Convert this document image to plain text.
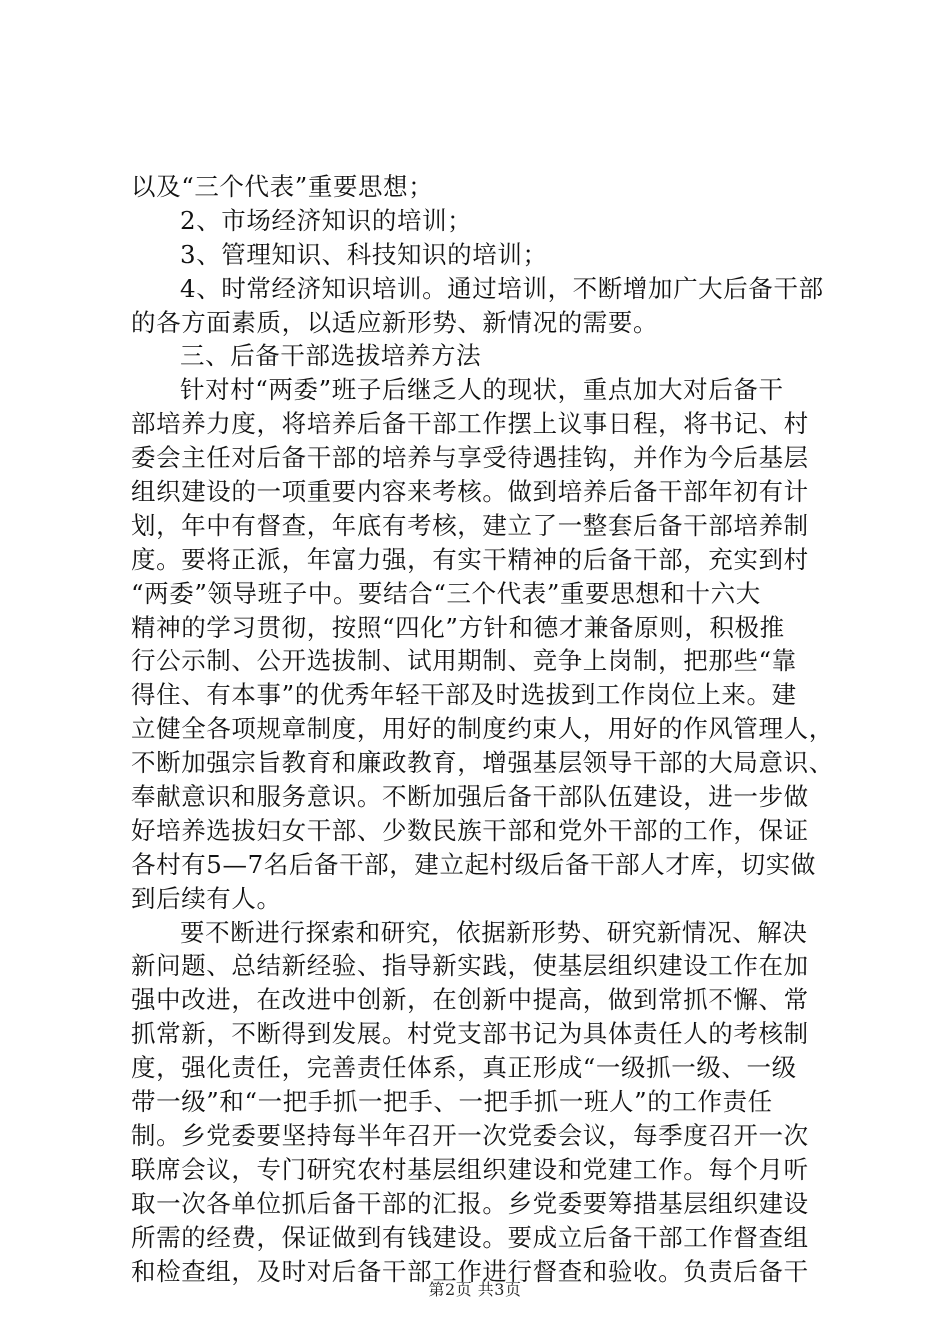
以及“三个代表”重要思想；
2、市场经济知识的培训；
3、管理知识、科技知识的培训；
4、时常经济知识培训。通过培训，不断增加广大后备干部
的各方面素质，以适应新形势、新情况的需要。
三、后备干部选拔培养方法
针对村“两委”班子后继乏人的现状，重点加大对后备干
部培养力度，将培养后备干部工作摆上议事日程，将书记、村
委会主任对后备干部的培养与享受待遇挂钩，并作为今后基层
组织建设的一项重要内容来考核。做到培养后备干部年初有计
划，年中有督查，年底有考核，建立了一整套后备干部培养制
度。要将正派，年富力强，有实干精神的后备干部，充实到村
“两委”领导班子中。要结合“三个代表”重要思想和十六大
精神的学习贯彻，按照“四化”方针和德才兼备原则，积极推
行公示制、公开选拔制、试用期制、竞争上岗制，把那些“靠
得住、有本事”的优秀年轻干部及时选拔到工作岗位上来。建
立健全各项规章制度，用好的制度约束人，用好的作风管理人，
不断加强宗旨教育和廉政教育，增强基层领导干部的大局意识、
奉献意识和服务意识。不断加强后备干部队伍建设，进一步做
好培养选拔妇女干部、少数民族干部和党外干部的工作，保证
各村有5—7名后备干部，建立起村级后备干部人才库，切实做
到后续有人。
要不断进行探索和研究，依据新形势、研究新情况、解决
新问题、总结新经验、指导新实践，使基层组织建设工作在加
强中改进，在改进中创新，在创新中提高，做到常抓不懈、常
抓常新，不断得到发展。村党支部书记为具体责任人的考核制
度，强化责任，完善责任体系，真正形成“一级抓一级、一级
带一级”和“一把手抓一把手、一把手抓一班人”的工作责任
制。乡党委要坚持每半年召开一次党委会议，每季度召开一次
联席会议，专门研究农村基层组织建设和党建工作。每个月听
取一次各单位抓后备干部的汇报。乡党委要筹措基层组织建设
所需的经费，保证做到有钱建设。要成立后备干部工作督查组
和检查组，及时对后备干部工作进行督查和验收。负责后备干
第2页 共3页
